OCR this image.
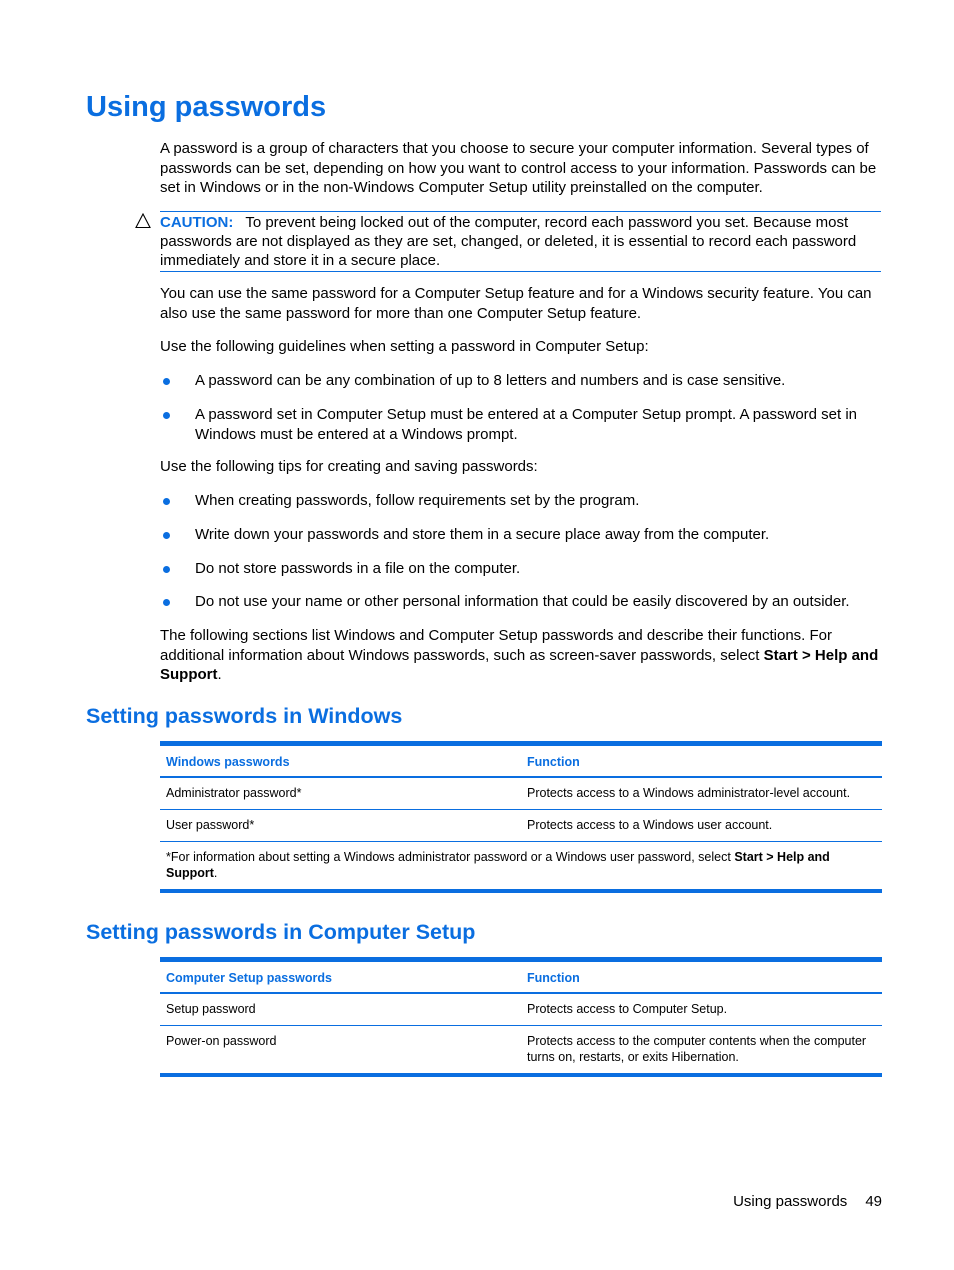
Using passwords

A password is a group of characters that you choose to secure your computer information. Several types of passwords can be set, depending on how you want to control access to your information. Passwords can be set in Windows or in the non-Windows Computer Setup utility preinstalled on the computer.

CAUTION: To prevent being locked out of the computer, record each password you set. Because most passwords are not displayed as they are set, changed, or deleted, it is essential to record each password immediately and store it in a secure place.

You can use the same password for a Computer Setup feature and for a Windows security feature. You can also use the same password for more than one Computer Setup feature.

Use the following guidelines when setting a password in Computer Setup:

A password can be any combination of up to 8 letters and numbers and is case sensitive.
A password set in Computer Setup must be entered at a Computer Setup prompt. A password set in Windows must be entered at a Windows prompt.

Use the following tips for creating and saving passwords:

When creating passwords, follow requirements set by the program.
Write down your passwords and store them in a secure place away from the computer.
Do not store passwords in a file on the computer.
Do not use your name or other personal information that could be easily discovered by an outsider.

The following sections list Windows and Computer Setup passwords and describe their functions. For additional information about Windows passwords, such as screen-saver passwords, select Start > Help and Support.

Setting passwords in Windows
Windows passwords	Function
Administrator password*	Protects access to a Windows administrator-level account.
User password*	Protects access to a Windows user account.
*For information about setting a Windows administrator password or a Windows user password, select Start > Help and Support.	
Setting passwords in Computer Setup
Computer Setup passwords	Function
Setup password	Protects access to Computer Setup.
Power-on password	Protects access to the computer contents when the computer turns on, restarts, or exits Hibernation.
Using passwords 49
